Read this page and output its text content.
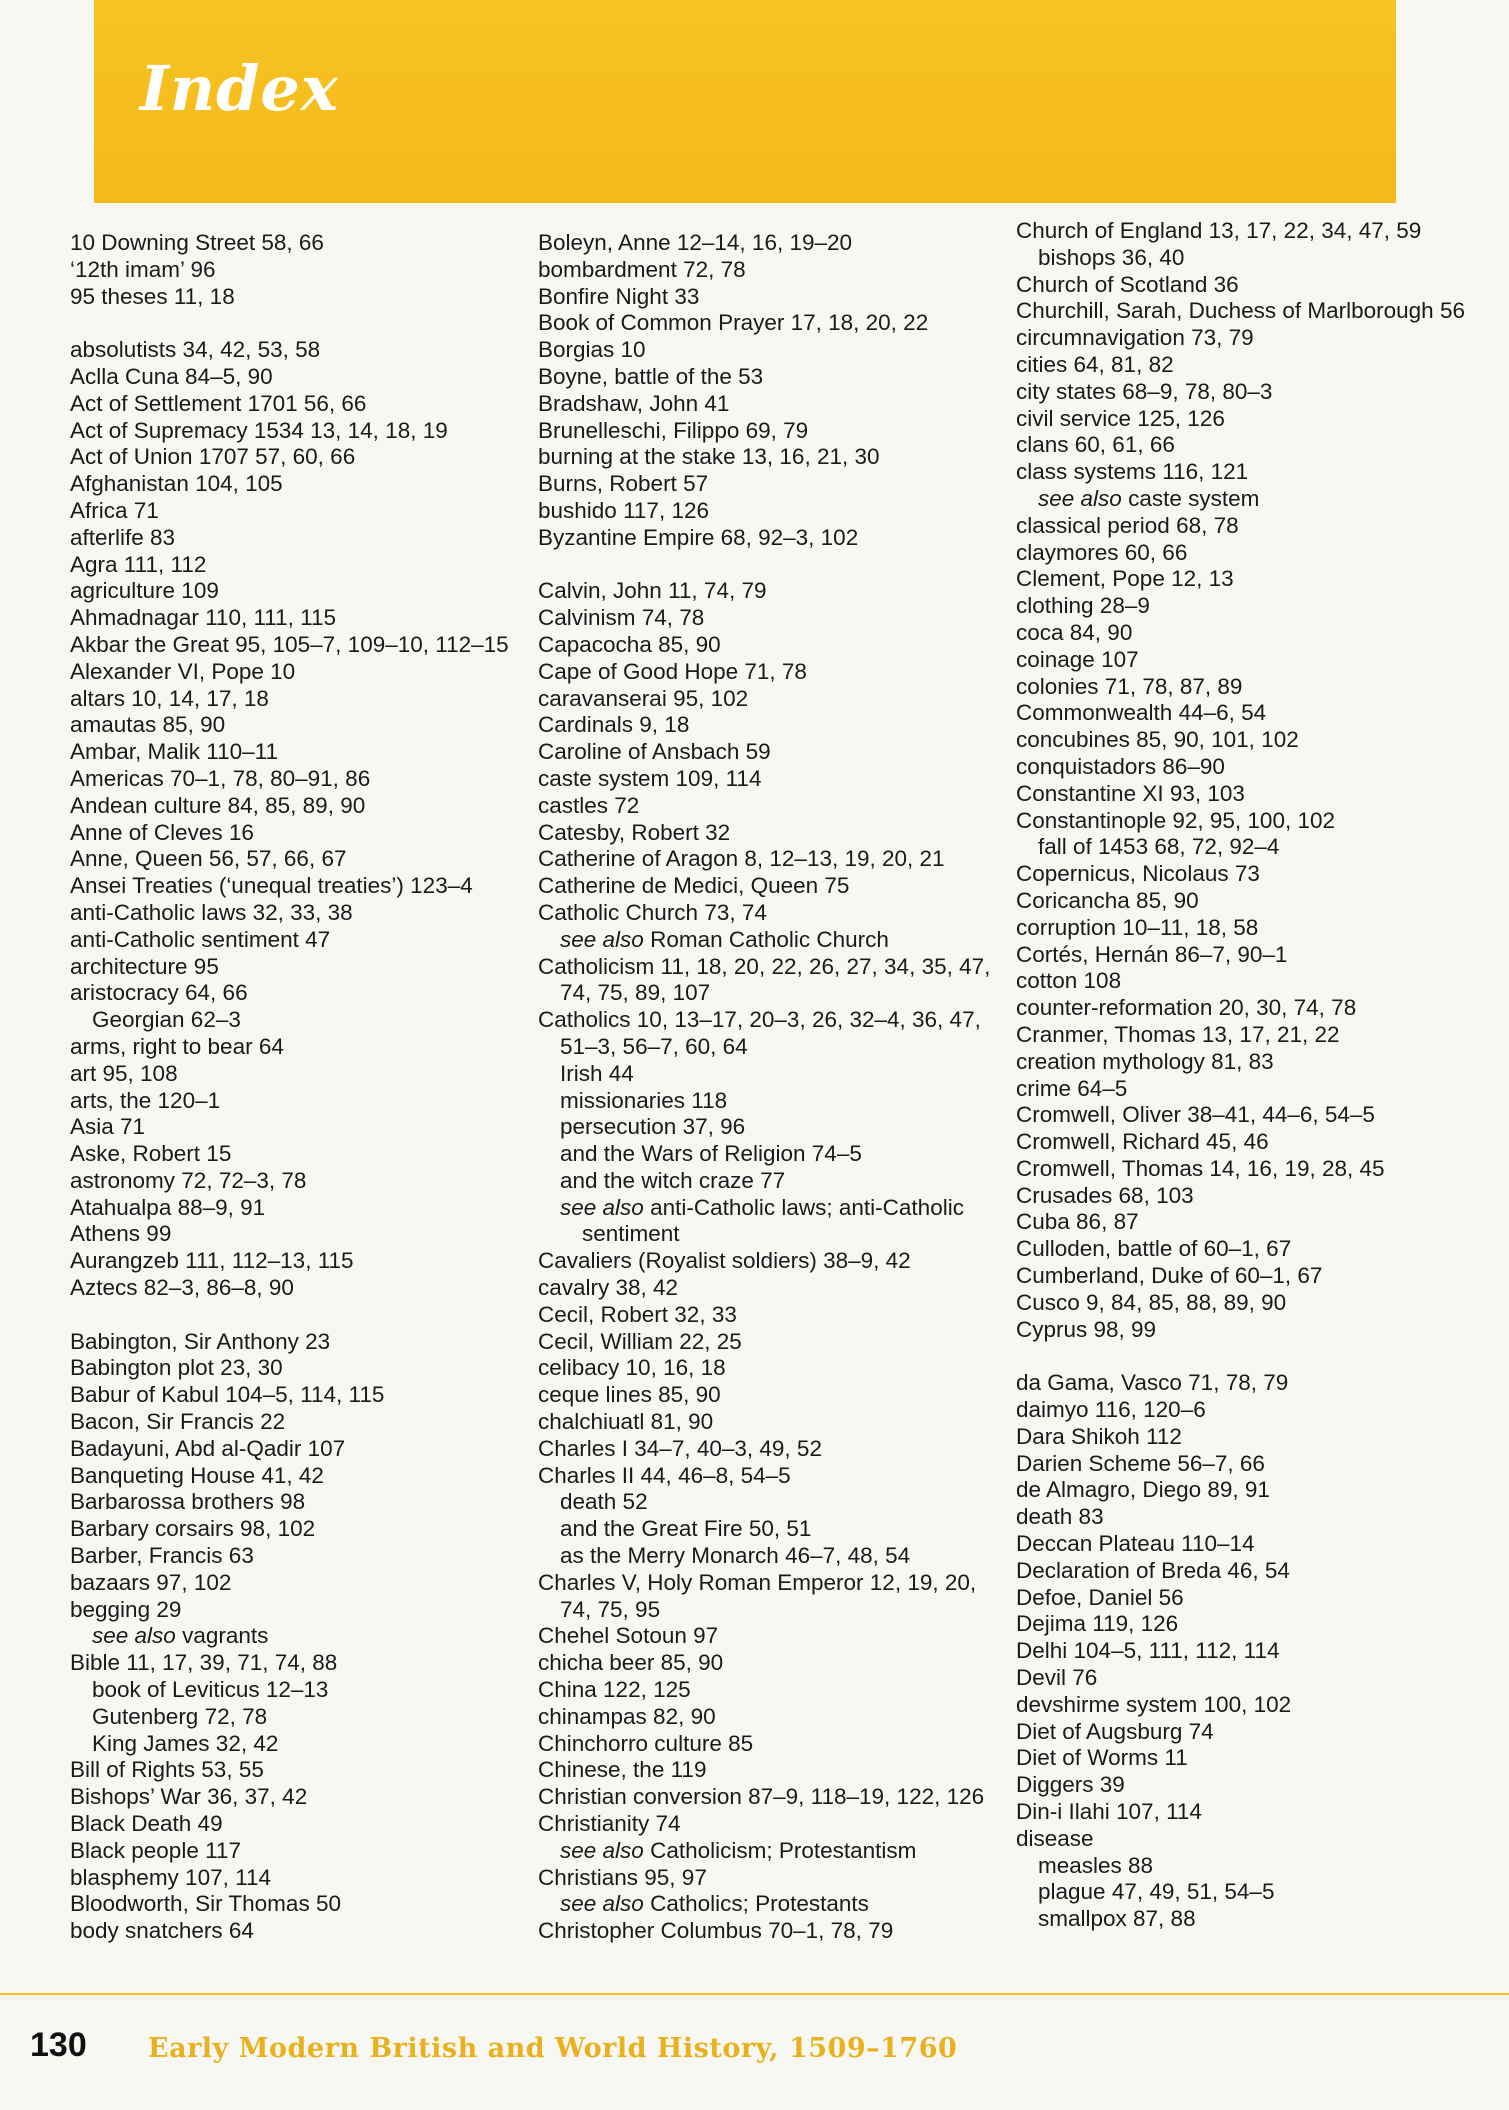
Index
10 Downing Street 58, 66
‘12th imam’ 96
95 theses 11, 18
absolutists 34, 42, 53, 58
Aclla Cuna 84–5, 90
Act of Settlement 1701 56, 66
Act of Supremacy 1534 13, 14, 18, 19
Act of Union 1707 57, 60, 66
Afghanistan 104, 105
Africa 71
afterlife 83
Agra 111, 112
agriculture 109
Ahmadnagar 110, 111, 115
Akbar the Great 95, 105–7, 109–10, 112–15
Alexander VI, Pope 10
altars 10, 14, 17, 18
amautas 85, 90
Ambar, Malik 110–11
Americas 70–1, 78, 80–91, 86
Andean culture 84, 85, 89, 90
Anne of Cleves 16
Anne, Queen 56, 57, 66, 67
Ansei Treaties (‘unequal treaties’) 123–4
anti-Catholic laws 32, 33, 38
anti-Catholic sentiment 47
architecture 95
aristocracy 64, 66
Georgian 62–3
arms, right to bear 64
art 95, 108
arts, the 120–1
Asia 71
Aske, Robert 15
astronomy 72, 72–3, 78
Atahualpa 88–9, 91
Athens 99
Aurangzeb 111, 112–13, 115
Aztecs 82–3, 86–8, 90
Babington, Sir Anthony 23
Babington plot 23, 30
Babur of Kabul 104–5, 114, 115
Bacon, Sir Francis 22
Badayuni, Abd al-Qadir 107
Banqueting House 41, 42
Barbarossa brothers 98
Barbary corsairs 98, 102
Barber, Francis 63
bazaars 97, 102
begging 29
see also vagrants
Bible 11, 17, 39, 71, 74, 88
book of Leviticus 12–13
Gutenberg 72, 78
King James 32, 42
Bill of Rights 53, 55
Bishops’ War 36, 37, 42
Black Death 49
Black people 117
blasphemy 107, 114
Bloodworth, Sir Thomas 50
body snatchers 64
Boleyn, Anne 12–14, 16, 19–20
bombardment 72, 78
Bonfire Night 33
Book of Common Prayer 17, 18, 20, 22
Borgias 10
Boyne, battle of the 53
Bradshaw, John 41
Brunelleschi, Filippo 69, 79
burning at the stake 13, 16, 21, 30
Burns, Robert 57
bushido 117, 126
Byzantine Empire 68, 92–3, 102
Calvin, John 11, 74, 79
Calvinism 74, 78
Capacocha 85, 90
Cape of Good Hope 71, 78
caravanserai 95, 102
Cardinals 9, 18
Caroline of Ansbach 59
caste system 109, 114
castles 72
Catesby, Robert 32
Catherine of Aragon 8, 12–13, 19, 20, 21
Catherine de Medici, Queen 75
Catholic Church 73, 74
see also Roman Catholic Church
Catholicism 11, 18, 20, 22, 26, 27, 34, 35, 47, 74, 75, 89, 107
Catholics 10, 13–17, 20–3, 26, 32–4, 36, 47, 51–3, 56–7, 60, 64
Irish 44
missionaries 118
persecution 37, 96
and the Wars of Religion 74–5
and the witch craze 77
see also anti-Catholic laws; anti-Catholic sentiment
Cavaliers (Royalist soldiers) 38–9, 42
cavalry 38, 42
Cecil, Robert 32, 33
Cecil, William 22, 25
celibacy 10, 16, 18
ceque lines 85, 90
chalchiuatl 81, 90
Charles I 34–7, 40–3, 49, 52
Charles II 44, 46–8, 54–5
death 52
and the Great Fire 50, 51
as the Merry Monarch 46–7, 48, 54
Charles V, Holy Roman Emperor 12, 19, 20, 74, 75, 95
Chehel Sotoun 97
chicha beer 85, 90
China 122, 125
chinampas 82, 90
Chinchorro culture 85
Chinese, the 119
Christian conversion 87–9, 118–19, 122, 126
Christianity 74
see also Catholicism; Protestantism
Christians 95, 97
see also Catholics; Protestants
Christopher Columbus 70–1, 78, 79
Church of England 13, 17, 22, 34, 47, 59
bishops 36, 40
Church of Scotland 36
Churchill, Sarah, Duchess of Marlborough 56
circumnavigation 73, 79
cities 64, 81, 82
city states 68–9, 78, 80–3
civil service 125, 126
clans 60, 61, 66
class systems 116, 121
see also caste system
classical period 68, 78
claymores 60, 66
Clement, Pope 12, 13
clothing 28–9
coca 84, 90
coinage 107
colonies 71, 78, 87, 89
Commonwealth 44–6, 54
concubines 85, 90, 101, 102
conquistadors 86–90
Constantine XI 93, 103
Constantinople 92, 95, 100, 102
fall of 1453 68, 72, 92–4
Copernicus, Nicolaus 73
Coricancha 85, 90
corruption 10–11, 18, 58
Cortés, Hernán 86–7, 90–1
cotton 108
counter-reformation 20, 30, 74, 78
Cranmer, Thomas 13, 17, 21, 22
creation mythology 81, 83
crime 64–5
Cromwell, Oliver 38–41, 44–6, 54–5
Cromwell, Richard 45, 46
Cromwell, Thomas 14, 16, 19, 28, 45
Crusades 68, 103
Cuba 86, 87
Culloden, battle of 60–1, 67
Cumberland, Duke of 60–1, 67
Cusco 9, 84, 85, 88, 89, 90
Cyprus 98, 99
da Gama, Vasco 71, 78, 79
daimyo 116, 120–6
Dara Shikoh 112
Darien Scheme 56–7, 66
de Almagro, Diego 89, 91
death 83
Deccan Plateau 110–14
Declaration of Breda 46, 54
Defoe, Daniel 56
Dejima 119, 126
Delhi 104–5, 111, 112, 114
Devil 76
devshirme system 100, 102
Diet of Augsburg 74
Diet of Worms 11
Diggers 39
Din-i Ilahi 107, 114
disease
measles 88
plague 47, 49, 51, 54–5
smallpox 87, 88
130 Early Modern British and World History, 1509–1760
